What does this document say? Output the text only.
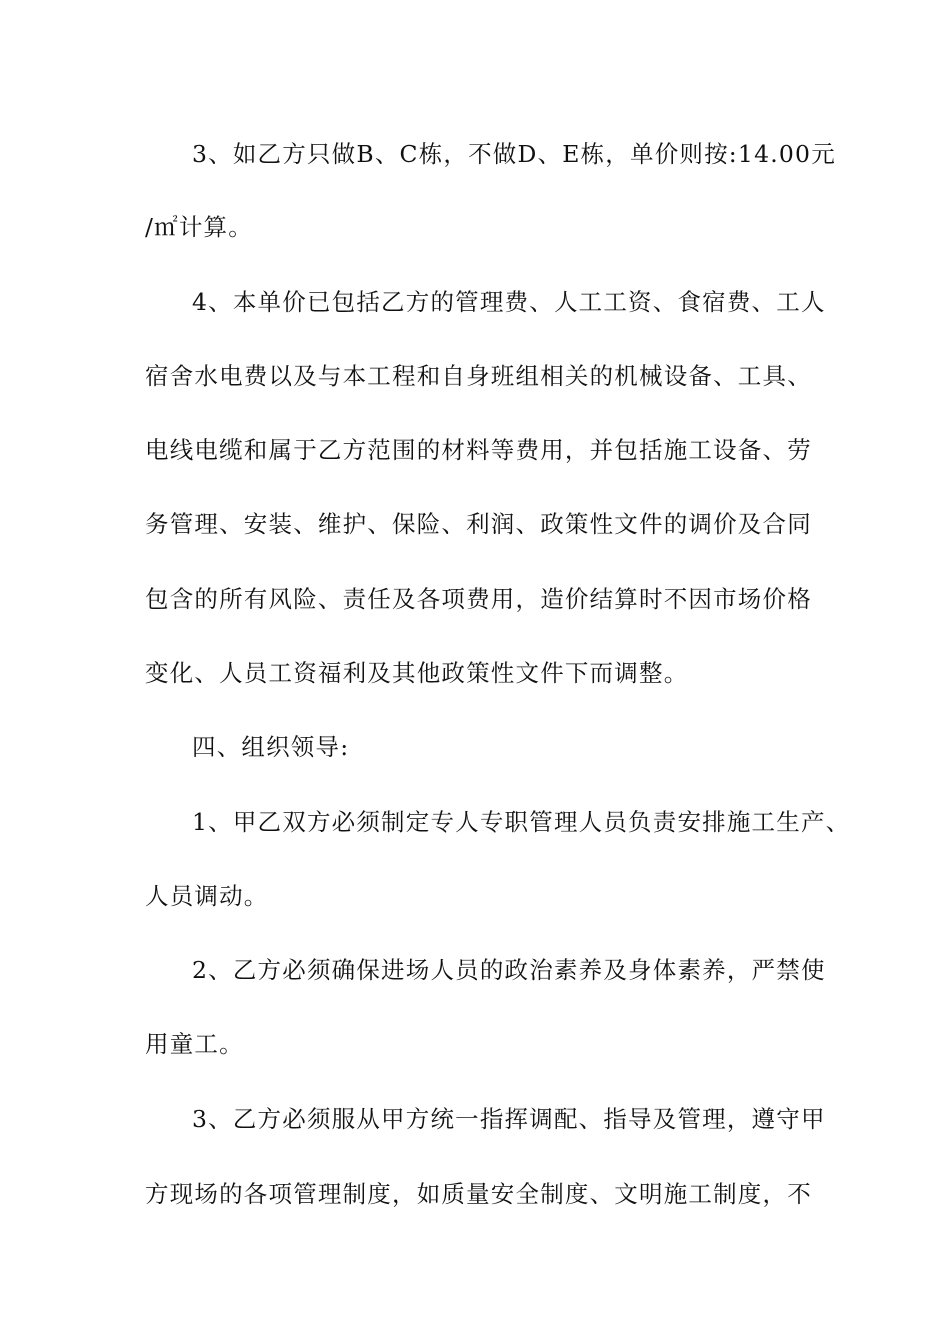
3、如乙方只做B、C栋，不做D、E栋，单价则按:14.00元
/㎡计算。
4、本单价已包括乙方的管理费、人工工资、食宿费、工人
宿舍水电费以及与本工程和自身班组相关的机械设备、工具、
电线电缆和属于乙方范围的材料等费用，并包括施工设备、劳
务管理、安装、维护、保险、利润、政策性文件的调价及合同
包含的所有风险、责任及各项费用，造价结算时不因市场价格
变化、人员工资福利及其他政策性文件下而调整。
四、组织领导:
1、甲乙双方必须制定专人专职管理人员负责安排施工生产、
人员调动。
2、乙方必须确保进场人员的政治素养及身体素养，严禁使
用童工。
3、乙方必须服从甲方统一指挥调配、指导及管理，遵守甲
方现场的各项管理制度，如质量安全制度、文明施工制度，不
